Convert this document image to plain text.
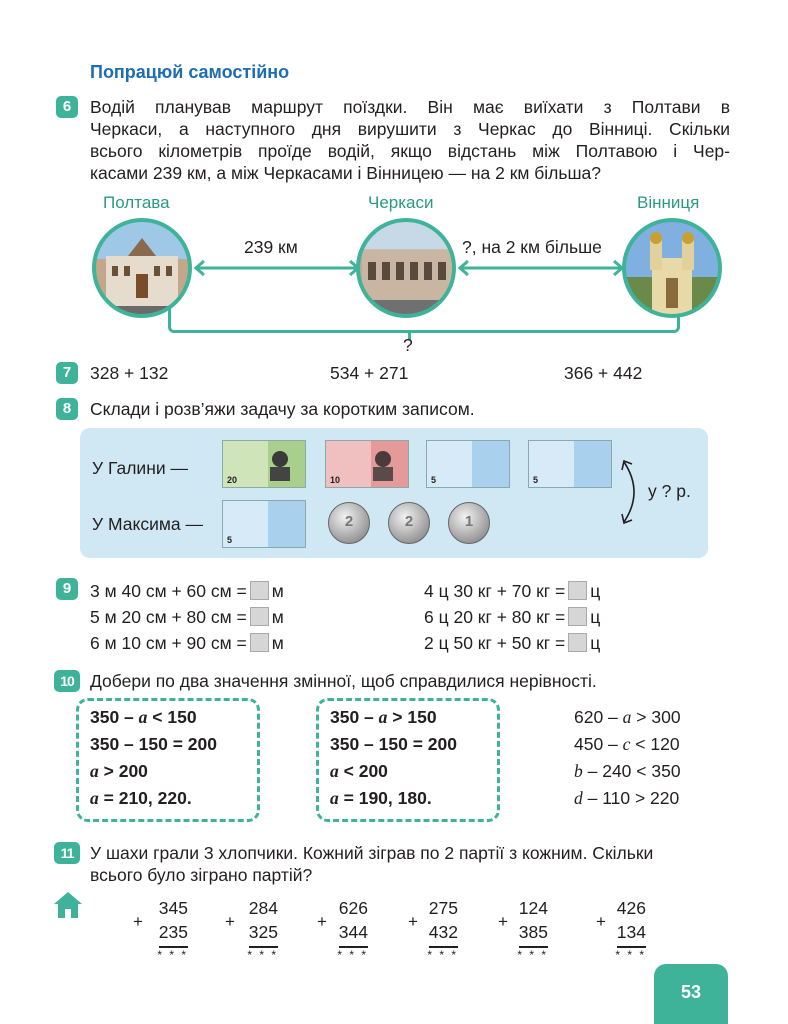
Попрацюй самостійно
6	Водій планував маршрут поїздки. Він має виїхати з Полтави в
Черкаси, а наступного дня вирушити з Черкас до Вінниці. Скільки
всього кілометрів проїде водій, якщо відстань між Полтавою і Чер-
касами 239 км, а між Черкасами і Вінницею — на 2 км більша?
Полтава	Черкаси	Вінниця
239 км	?, на 2 км більше
?
7	328 + 132	534 + 271	366 + 442
8	Склади і розв’яжи задачу за коротким записом.
У Галини —
У Максима —
20	10	5	5
5
2	2	1
у ? р.
9	3 м 40 см + 60 см = м
5 м 20 см + 80 см = м
6 м 10 см + 90 см = м
4 ц 30 кг + 70 кг = ц
6 ц 20 кг + 80 кг = ц
2 ц 50 кг + 50 кг = ц
10 Добери по два значення змінної, щоб справдилися нерівності.
350 – a < 150
350 – 150 = 200
a > 200
a = 210, 220.
350 – a > 150
350 – 150 = 200
a < 200
a = 190, 180.
620 – a > 300
450 – c < 120
b – 240 < 350
d – 110 > 220
11 У шахи грали 3 хлопчики. Кожний зіграв по 2 партії з кожним. Скільки
всього було зіграно партій?
+
345
235
* * *
+
284
325
* * *
+
626
344
* * *
+
275
432
* * *
+
124
385
* * *
+
426
134
* * *
53
